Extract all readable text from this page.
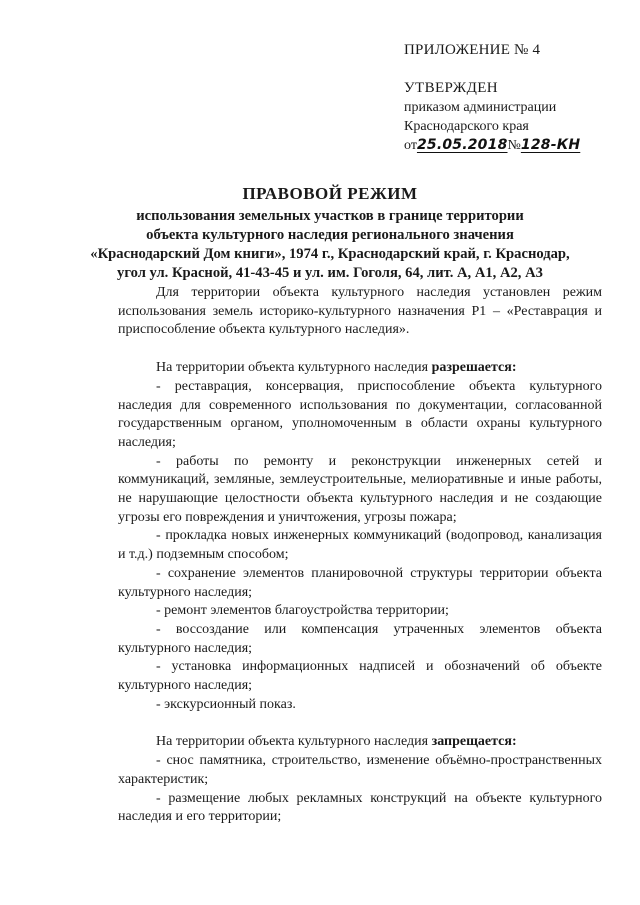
ПРИЛОЖЕНИЕ № 4
УТВЕРЖДЕН
приказом администрации
Краснодарского края
от25.05.2018№128-КН
ПРАВОВОЙ РЕЖИМ
использования земельных участков в границе территории
объекта культурного наследия регионального значения
«Краснодарский Дом книги», 1974 г., Краснодарский край, г. Краснодар,
угол ул. Красной, 41-43-45 и ул. им. Гоголя, 64, лит. А, А1, А2, А3

Для территории объекта культурного наследия установлен режим использования земель историко-культурного назначения Р1 – «Реставрация и приспособление объекта культурного наследия».

На территории объекта культурного наследия разрешается:

- реставрация, консервация, приспособление объекта культурного наследия для современного использования по документации, согласованной государственным органом, уполномоченным в области охраны культурного наследия;

- работы по ремонту и реконструкции инженерных сетей и коммуникаций, земляные, землеустроительные, мелиоративные и иные работы, не нарушающие целостности объекта культурного наследия и не создающие угрозы его повреждения и уничтожения, угрозы пожара;

- прокладка новых инженерных коммуникаций (водопровод, канализация и т.д.) подземным способом;

- сохранение элементов планировочной структуры территории объекта культурного наследия;

- ремонт элементов благоустройства территории;

- воссоздание или компенсация утраченных элементов объекта культурного наследия;

- установка информационных надписей и обозначений об объекте культурного наследия;

- экскурсионный показ.

На территории объекта культурного наследия запрещается:

- снос памятника, строительство, изменение объёмно-пространственных характеристик;

- размещение любых рекламных конструкций на объекте культурного наследия и его территории;
